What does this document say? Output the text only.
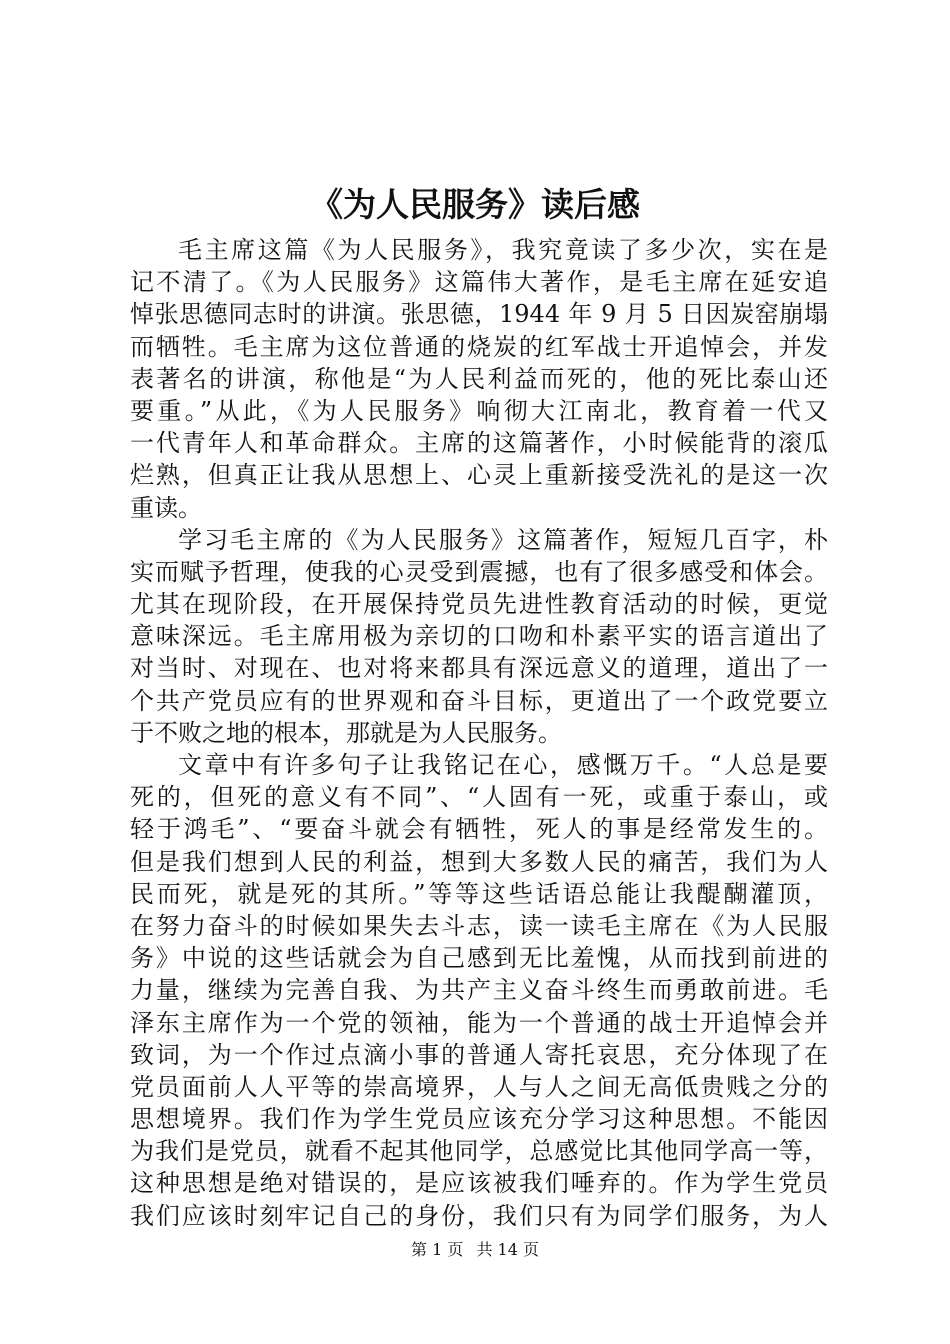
《为人民服务》读后感
毛主席这篇《为人民服务》，我究竟读了多少次，实在是
记不清了。《为人民服务》这篇伟大著作，是毛主席在延安追
悼张思德同志时的讲演。张思德，1944 年 9 月 5 日因炭窑崩塌
而牺牲。毛主席为这位普通的烧炭的红军战士开追悼会，并发
表著名的讲演，称他是“为人民利益而死的，他的死比泰山还
要重。”从此，《为人民服务》响彻大江南北，教育着一代又
一代青年人和革命群众。主席的这篇著作，小时候能背的滚瓜
烂熟，但真正让我从思想上、心灵上重新接受洗礼的是这一次
重读。
学习毛主席的《为人民服务》这篇著作，短短几百字，朴
实而赋予哲理，使我的心灵受到震撼，也有了很多感受和体会。
尤其在现阶段，在开展保持党员先进性教育活动的时候，更觉
意味深远。毛主席用极为亲切的口吻和朴素平实的语言道出了
对当时、对现在、也对将来都具有深远意义的道理，道出了一
个共产党员应有的世界观和奋斗目标，更道出了一个政党要立
于不败之地的根本，那就是为人民服务。
文章中有许多句子让我铭记在心，感慨万千。“人总是要
死的，但死的意义有不同”、“人固有一死，或重于泰山，或
轻于鸿毛”、“要奋斗就会有牺牲，死人的事是经常发生的。
但是我们想到人民的利益，想到大多数人民的痛苦，我们为人
民而死，就是死的其所。”等等这些话语总能让我醍醐灌顶，
在努力奋斗的时候如果失去斗志，读一读毛主席在《为人民服
务》中说的这些话就会为自己感到无比羞愧，从而找到前进的
力量，继续为完善自我、为共产主义奋斗终生而勇敢前进。毛
泽东主席作为一个党的领袖，能为一个普通的战士开追悼会并
致词，为一个作过点滴小事的普通人寄托哀思，充分体现了在
党员面前人人平等的崇高境界，人与人之间无高低贵贱之分的
思想境界。我们作为学生党员应该充分学习这种思想。不能因
为我们是党员，就看不起其他同学，总感觉比其他同学高一等，
这种思想是绝对错误的，是应该被我们唾弃的。作为学生党员
我们应该时刻牢记自己的身份，我们只有为同学们服务，为人
第 1 页 共 14 页
